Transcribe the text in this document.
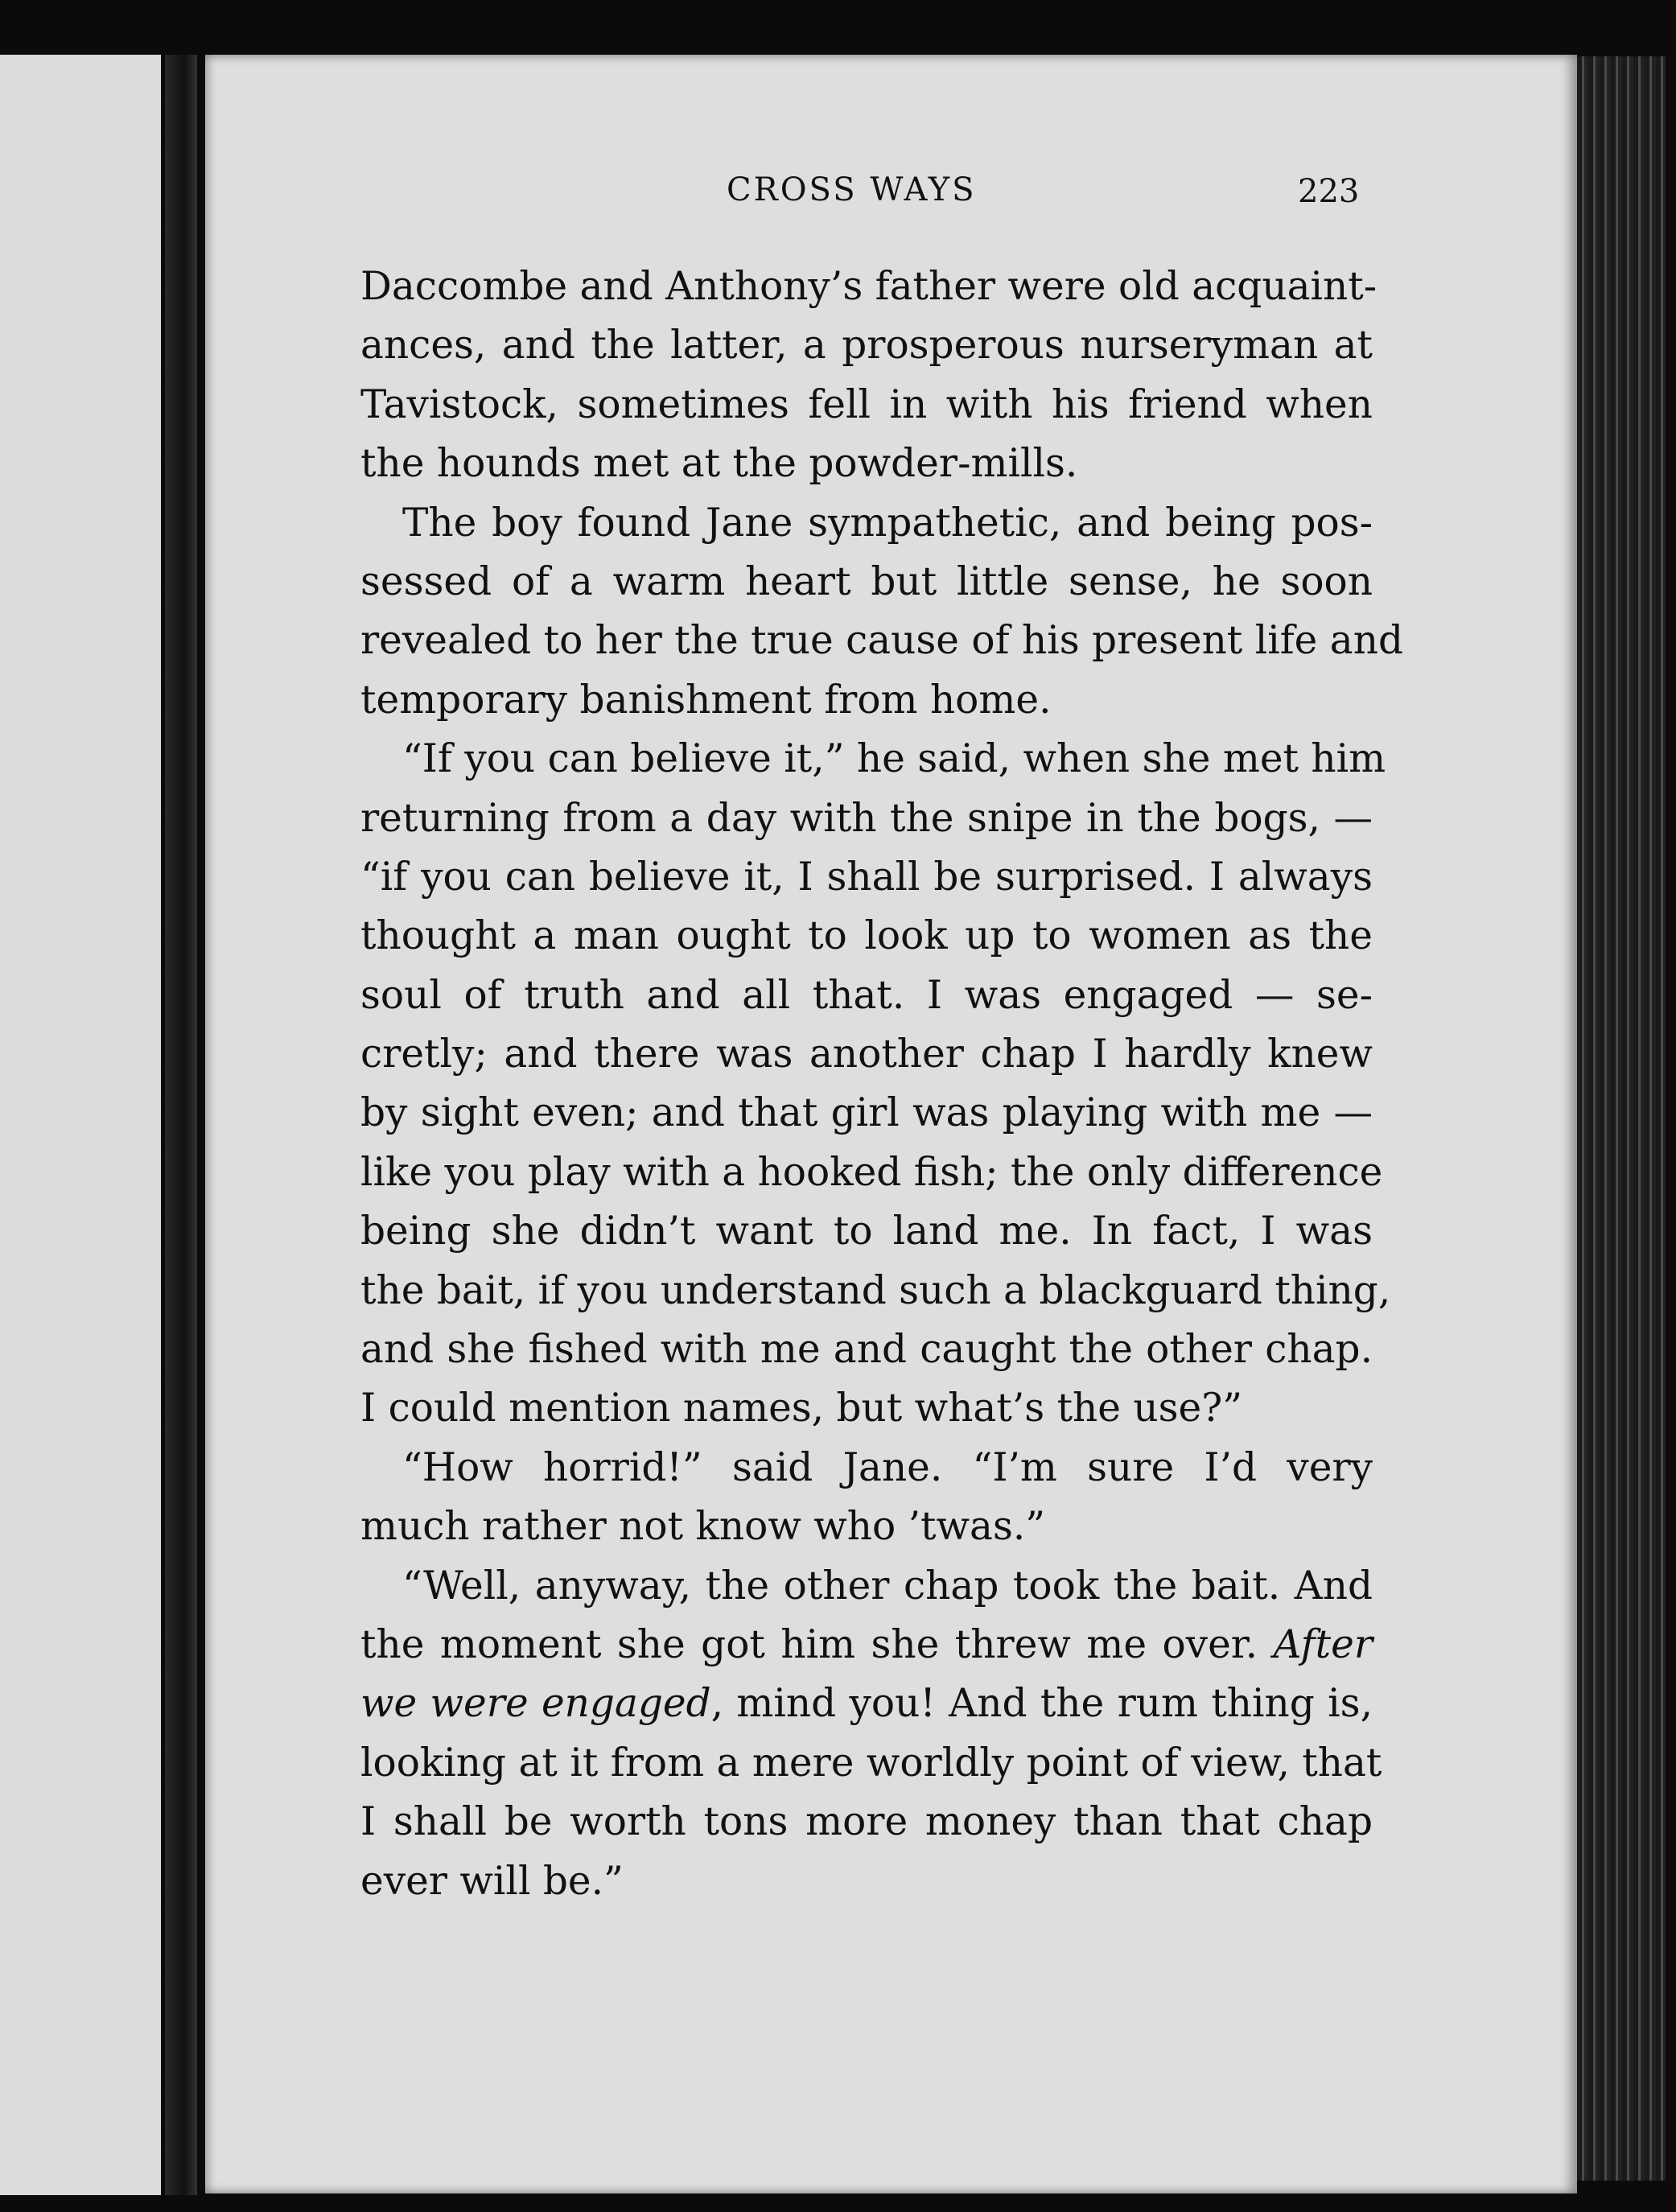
CROSS WAYS	223
Daccombe and Anthony’s father were old acquaint-
ances, and the latter, a prosperous nurseryman at
Tavistock, sometimes fell in with his friend when
the hounds met at the powder-mills.
The boy found Jane sympathetic, and being pos-
sessed of a warm heart but little sense, he soon
revealed to her the true cause of his present life and
temporary banishment from home.
“If you can believe it,” he said, when she met him
returning from a day with the snipe in the bogs, —
“if you can believe it, I shall be surprised. I always
thought a man ought to look up to women as the
soul of truth and all that. I was engaged — se-
cretly; and there was another chap I hardly knew
by sight even; and that girl was playing with me —
like you play with a hooked fish; the only difference
being she didn’t want to land me. In fact, I was
the bait, if you understand such a blackguard thing,
and she fished with me and caught the other chap.
I could mention names, but what’s the use?”
“How horrid!” said Jane. “I’m sure I’d very
much rather not know who ’twas.”
“Well, anyway, the other chap took the bait. And
the moment she got him she threw me over. After
we were engaged, mind you! And the rum thing is,
looking at it from a mere worldly point of view, that
I shall be worth tons more money than that chap
ever will be.”
